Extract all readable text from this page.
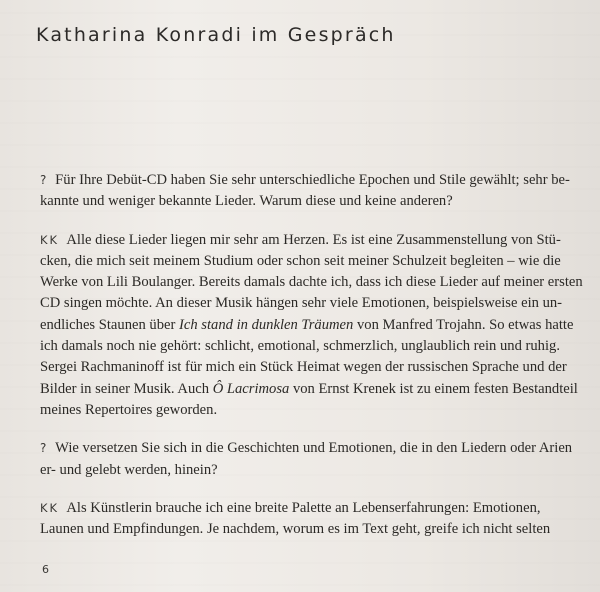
Katharina Konradi im Gespräch
? Für Ihre Debüt-CD haben Sie sehr unterschiedliche Epochen und Stile gewählt; sehr be-
kannte und weniger bekannte Lieder. Warum diese und keine anderen?
KK Alle diese Lieder liegen mir sehr am Herzen. Es ist eine Zusammenstellung von Stü-
cken, die mich seit meinem Studium oder schon seit meiner Schulzeit begleiten – wie die
Werke von Lili Boulanger. Bereits damals dachte ich, dass ich diese Lieder auf meiner ersten
CD singen möchte. An dieser Musik hängen sehr viele Emotionen, beispielsweise ein un-
endliches Staunen über Ich stand in dunklen Träumen von Manfred Trojahn. So etwas hatte
ich damals noch nie gehört: schlicht, emotional, schmerzlich, unglaublich rein und ruhig.
Sergei Rachmaninoff ist für mich ein Stück Heimat wegen der russischen Sprache und der
Bilder in seiner Musik. Auch Ô Lacrimosa von Ernst Krenek ist zu einem festen Bestandteil
meines Repertoires geworden.
? Wie versetzen Sie sich in die Geschichten und Emotionen, die in den Liedern oder Arien
er- und gelebt werden, hinein?
KK Als Künstlerin brauche ich eine breite Palette an Lebenserfahrungen: Emotionen,
Launen und Empfindungen. Je nachdem, worum es im Text geht, greife ich nicht selten
6
